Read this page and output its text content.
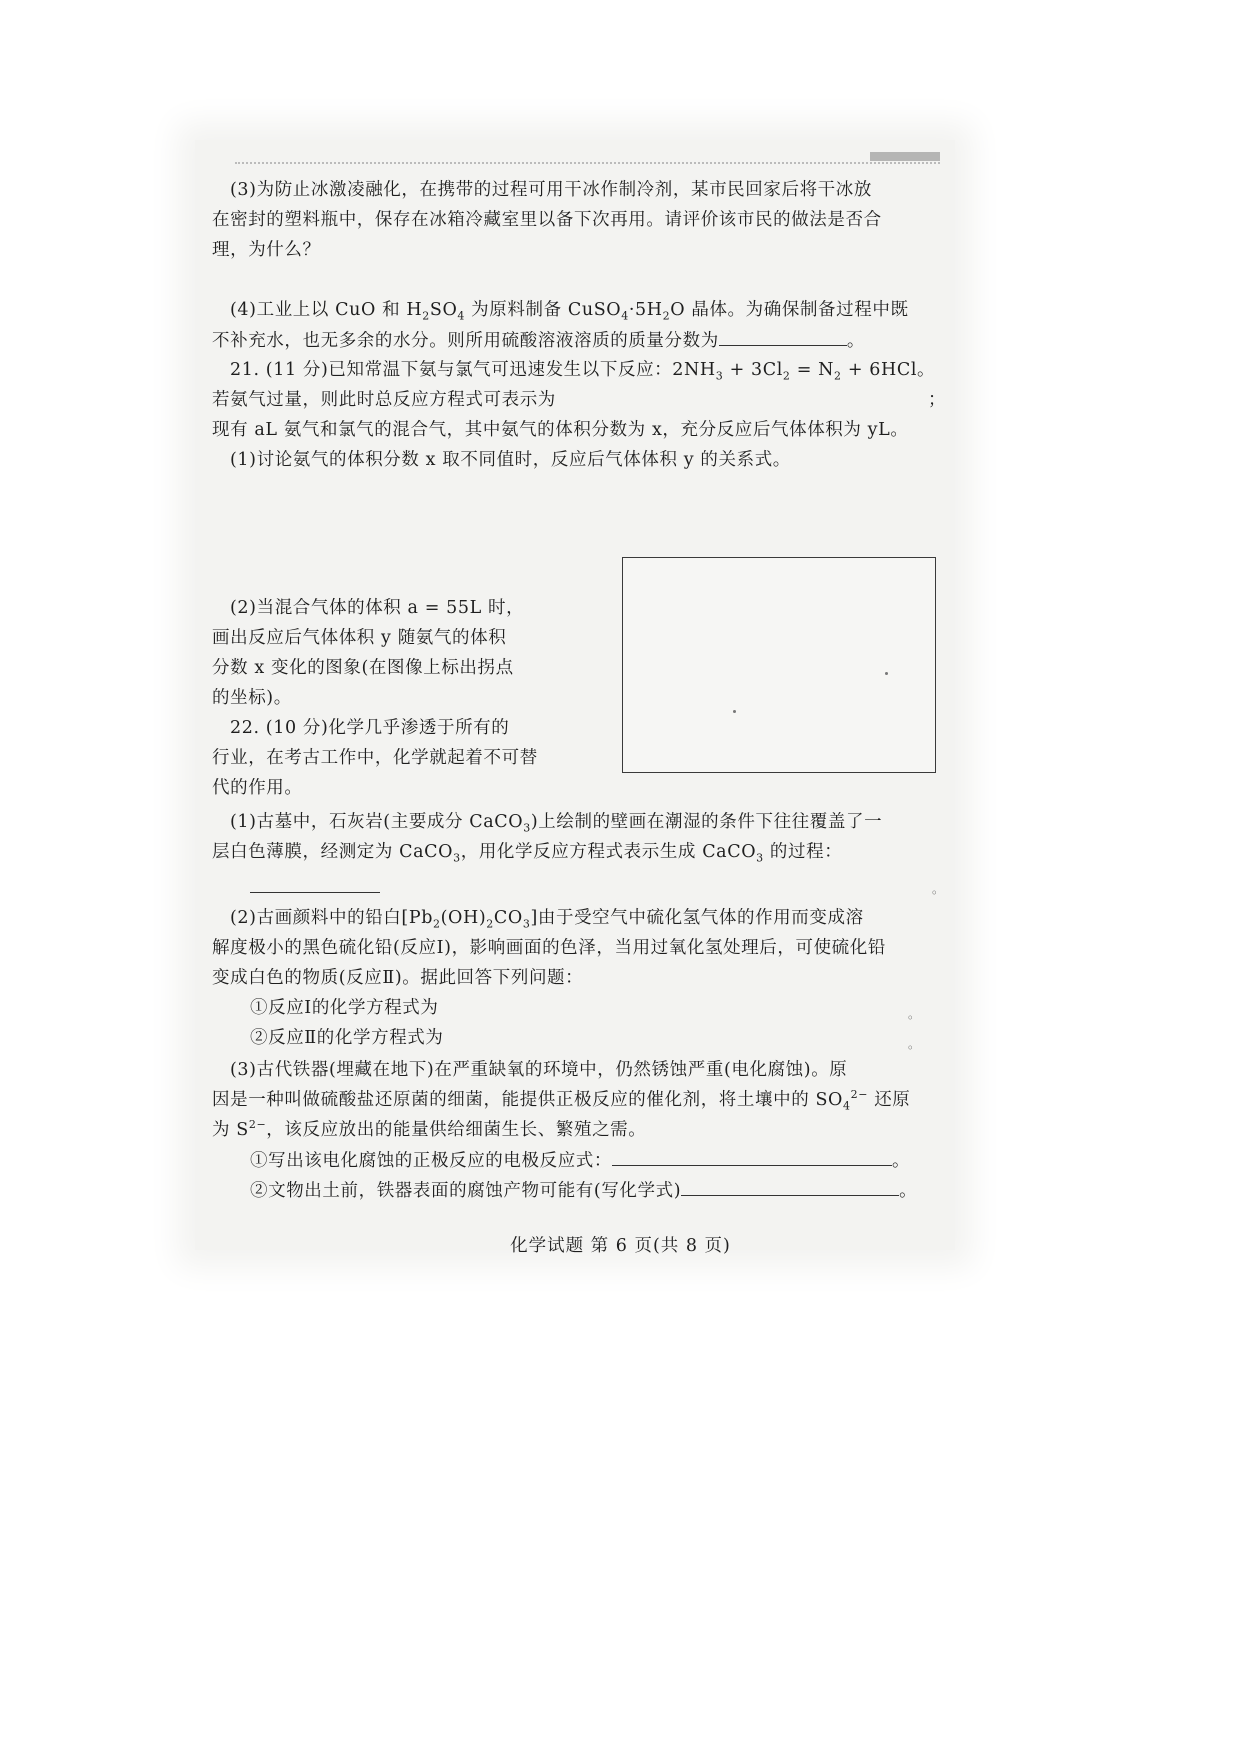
(3)为防止冰激凌融化，在携带的过程可用干冰作制冷剂，某市民回家后将干冰放
在密封的塑料瓶中，保存在冰箱冷藏室里以备下次再用。请评价该市民的做法是否合
理，为什么？
(4)工业上以 CuO 和 $H_2SO_4$ 为原料制备 $CuSO_4\cdot 5H_2O$ 晶体。为确保制备过程中既
不补充水，也无多余的水分。则所用硫酸溶液溶质的质量分数为	。
21. (11 分)已知常温下氨与氯气可迅速发生以下反应：$2NH_3 + 3Cl_2 = N_2 + 6HCl$。
若氨气过量，则此时总反应方程式可表示为	；
现有 aL 氨气和氯气的混合气，其中氨气的体积分数为 x，充分反应后气体体积为 yL。
(1)讨论氨气的体积分数 x 取不同值时，反应后气体体积 y 的关系式。
(2)当混合气体的体积 a = 55L 时，
画出反应后气体体积 y 随氨气的体积
分数 x 变化的图象(在图像上标出拐点
的坐标)。
22. (10 分)化学几乎渗透于所有的
行业，在考古工作中，化学就起着不可替
代的作用。
(1)古墓中，石灰岩(主要成分 CaCO$_3$)上绘制的壁画在潮湿的条件下往往覆盖了一
层白色薄膜，经测定为 CaCO$_3$，用化学反应方程式表示生成 CaCO$_3$ 的过程：
。
(2)古画颜料中的铅白$[Pb_2(OH)_2CO_3]$由于受空气中硫化氢气体的作用而变成溶
解度极小的黑色硫化铅(反应Ⅰ)，影响画面的色泽，当用过氧化氢处理后，可使硫化铅
变成白色的物质(反应Ⅱ)。据此回答下列问题：
①反应Ⅰ的化学方程式为	。
②反应Ⅱ的化学方程式为	。
(3)古代铁器(埋藏在地下)在严重缺氧的环境中，仍然锈蚀严重(电化腐蚀)。原
因是一种叫做硫酸盐还原菌的细菌，能提供正极反应的催化剂，将土壤中的 $SO_4^{2-}$ 还原
为 $S^{2-}$，该反应放出的能量供给细菌生长、繁殖之需。
①写出该电化腐蚀的正极反应的电极反应式：	。
②文物出土前，铁器表面的腐蚀产物可能有(写化学式)	。
化学试题 第 6 页(共 8 页)
